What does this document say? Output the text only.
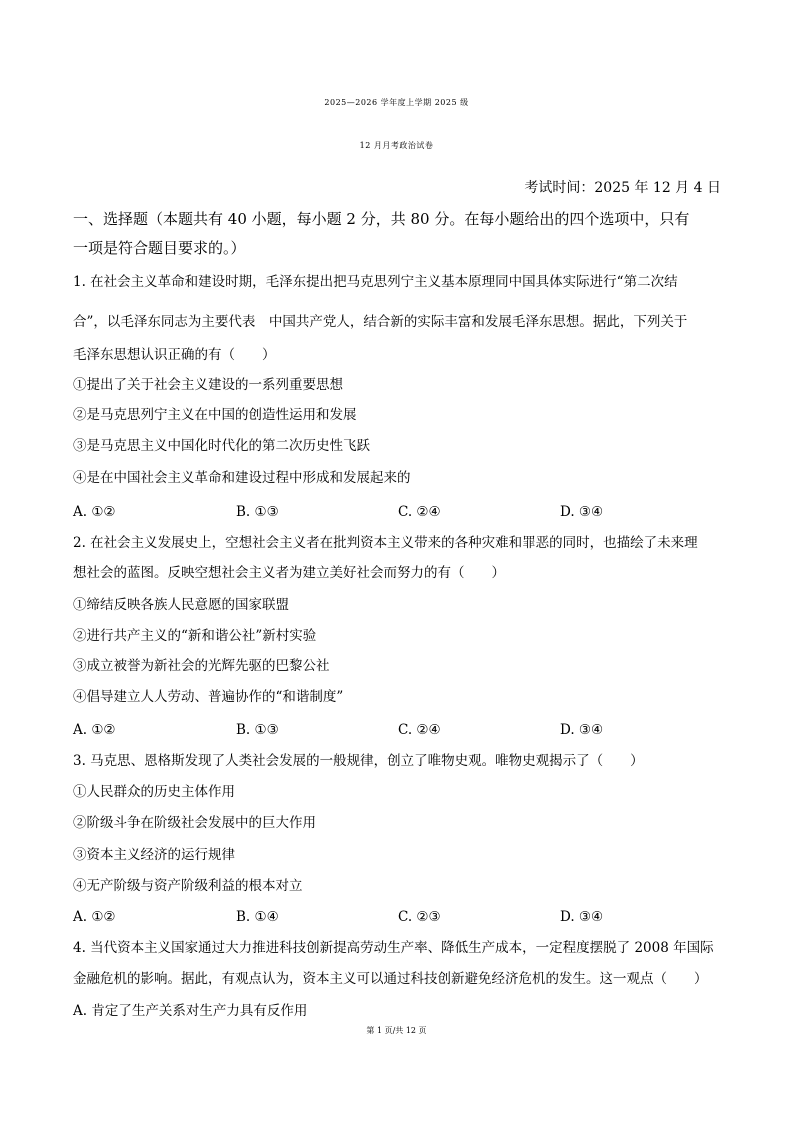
2025—2026 学年度上学期 2025 级
12 月月考政治试卷
考试时间：2025 年 12 月 4 日
一、选择题（本题共有 40 小题，每小题 2 分，共 80 分。在每小题给出的四个选项中，只有
一项是符合题目要求的。）
1. 在社会主义革命和建设时期，毛泽东提出把马克思列宁主义基本原理同中国具体实际进行“第二次结
合”，以毛泽东同志为主要代表　中国共产党人，结合新的实际丰富和发展毛泽东思想。据此，下列关于
毛泽东思想认识正确的有（　　）
①提出了关于社会主义建设的一系列重要思想
②是马克思列宁主义在中国的创造性运用和发展
③是马克思主义中国化时代化的第二次历史性飞跃
④是在中国社会主义革命和建设过程中形成和发展起来的
A. ①②	B. ①③	C. ②④	D. ③④
2. 在社会主义发展史上，空想社会主义者在批判资本主义带来的各种灾难和罪恶的同时，也描绘了未来理
想社会的蓝图。反映空想社会主义者为建立美好社会而努力的有（　　）
①缔结反映各族人民意愿的国家联盟
②进行共产主义的“新和谐公社”新村实验
③成立被誉为新社会的光辉先驱的巴黎公社
④倡导建立人人劳动、普遍协作的“和谐制度”
A. ①②	B. ①③	C. ②④	D. ③④
3. 马克思、恩格斯发现了人类社会发展的一般规律，创立了唯物史观。唯物史观揭示了（　　）
①人民群众的历史主体作用
②阶级斗争在阶级社会发展中的巨大作用
③资本主义经济的运行规律
④无产阶级与资产阶级利益的根本对立
A. ①②	B. ①④	C. ②③	D. ③④
4. 当代资本主义国家通过大力推进科技创新提高劳动生产率、降低生产成本，一定程度摆脱了 2008 年国际
金融危机的影响。据此，有观点认为，资本主义可以通过科技创新避免经济危机的发生。这一观点（　　）
A. 肯定了生产关系对生产力具有反作用
第 1 页/共 12 页
